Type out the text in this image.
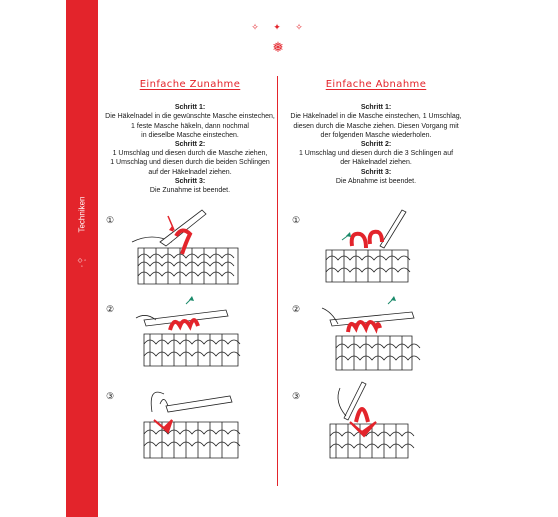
Techniken
◇ ◦ ◦
✧ ✦ ✧
❅
Einfache Zunahme
Schritt 1:
Die Häkelnadel in die gewünschte Masche einstechen,
1 feste Masche häkeln, dann nochmal
in dieselbe Masche einstechen.
Schritt 2:
1 Umschlag und diesen durch die Masche ziehen,
1 Umschlag und diesen durch die beiden Schlingen
auf der Häkelnadel ziehen.
Schritt 3:
Die Zunahme ist beendet.
Einfache Abnahme
Schritt 1:
Die Häkelnadel in die Masche einstechen, 1 Umschlag,
diesen durch die Masche ziehen. Diesen Vorgang mit
der folgenden Masche wiederholen.
Schritt 2:
1 Umschlag und diesen durch die 3 Schlingen auf
der Häkelnadel ziehen.
Schritt 3:
Die Abnahme ist beendet.
①
②
③
①
②
③
